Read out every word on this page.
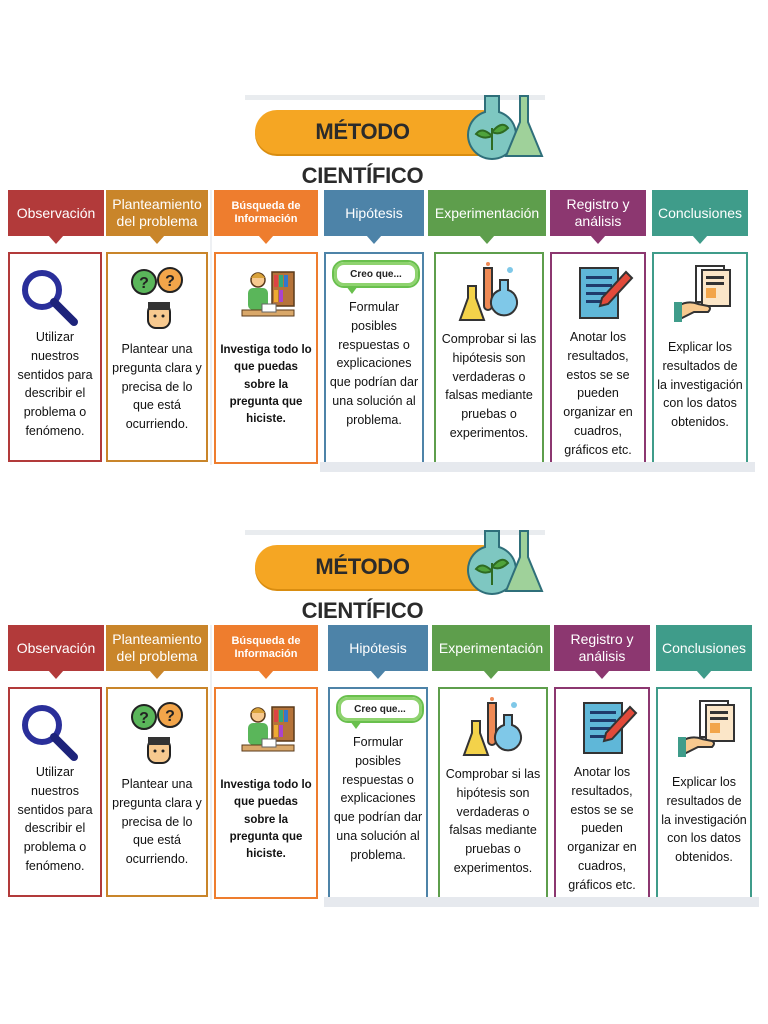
MÉTODO CIENTÍFICO
Observación
Utilizar nuestros sentidos para describir el problema o fenómeno.
Planteamiento del problema
? ?
Plantear una pregunta clara y precisa de lo que está ocurriendo.
Búsqueda de Información
Investiga todo lo que puedas sobre la pregunta que hiciste.
Hipótesis
Creo que...
Formular posibles respuestas o explicaciones que podrían dar una solución al problema.
Experimentación
Comprobar si las hipótesis son verdaderas o falsas mediante pruebas o experimentos.
Registro y análisis
Anotar los resultados, estos se se pueden organizar en cuadros, gráficos etc.
Conclusiones
Explicar los resultados de la investigación con los datos obtenidos.
MÉTODO CIENTÍFICO
Observación
Utilizar nuestros sentidos para describir el problema o fenómeno.
Planteamiento del problema
? ?
Plantear una pregunta clara y precisa de lo que está ocurriendo.
Búsqueda de Información
Investiga todo lo que puedas sobre la pregunta que hiciste.
Hipótesis
Creo que...
Formular posibles respuestas o explicaciones que podrían dar una solución al problema.
Experimentación
Comprobar si las hipótesis son verdaderas o falsas mediante pruebas o experimentos.
Registro y análisis
Anotar los resultados, estos se se pueden organizar en cuadros, gráficos etc.
Conclusiones
Explicar los resultados de la investigación con los datos obtenidos.
